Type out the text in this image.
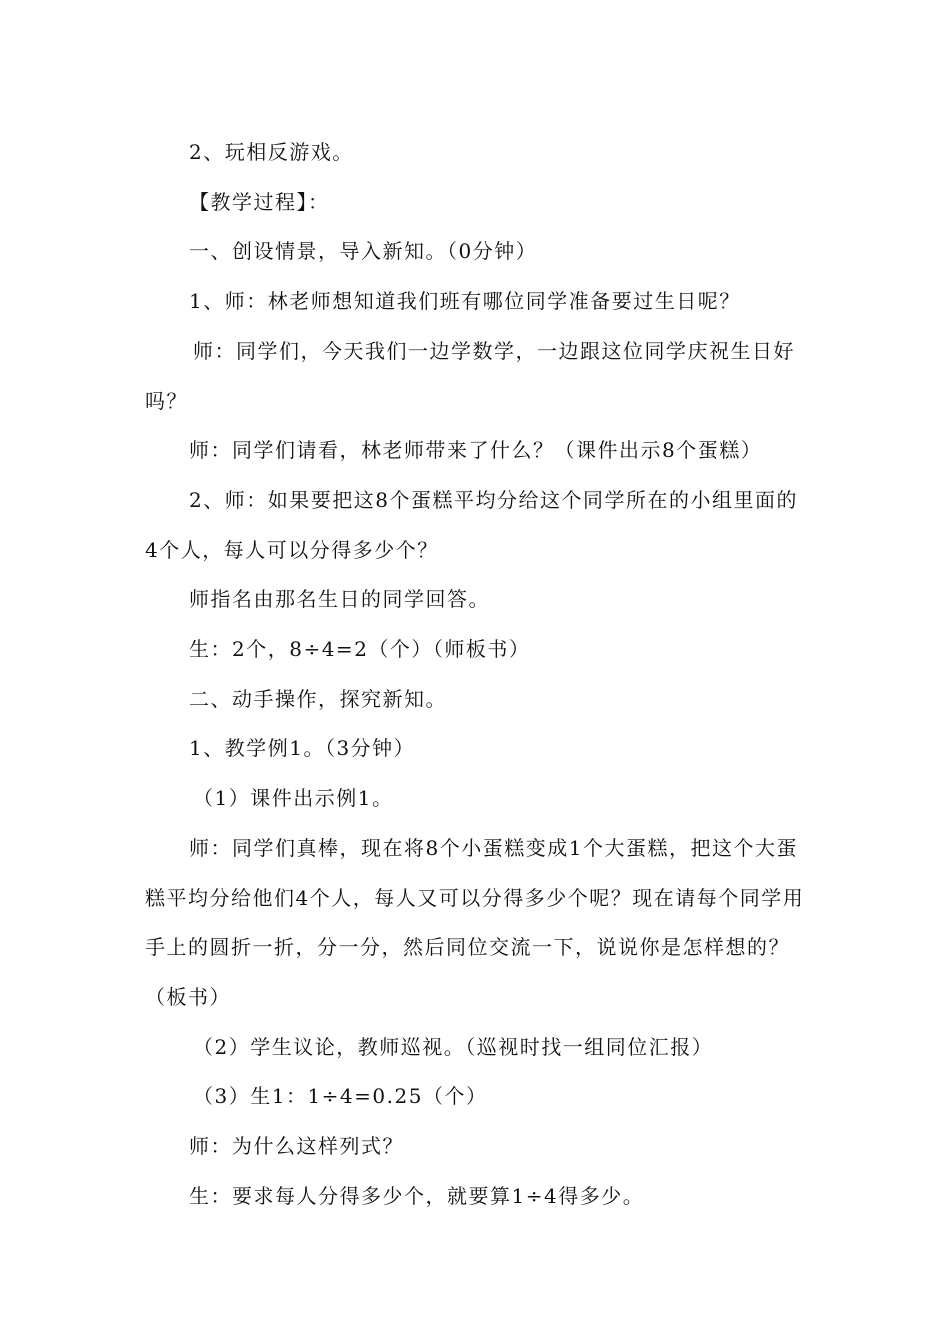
2、玩相反游戏。

【教学过程】：

一、创设情景，导入新知。（0分钟）

1、师：林老师想知道我们班有哪位同学准备要过生日呢？

师：同学们，今天我们一边学数学，一边跟这位同学庆祝生日好吗？

师：同学们请看，林老师带来了什么？（课件出示8个蛋糕）

2、师：如果要把这8个蛋糕平均分给这个同学所在的小组里面的4个人，每人可以分得多少个？

师指名由那名生日的同学回答。

生：2个，8÷4=2（个）（师板书）

二、动手操作，探究新知。

1、教学例1。（3分钟）

（1）课件出示例1。

师：同学们真棒，现在将8个小蛋糕变成1个大蛋糕，把这个大蛋糕平均分给他们4个人，每人又可以分得多少个呢？现在请每个同学用手上的圆折一折，分一分，然后同位交流一下，说说你是怎样想的？（板书）

（2）学生议论，教师巡视。（巡视时找一组同位汇报）

（3）生1：1÷4=0.25（个）

师：为什么这样列式？

生：要求每人分得多少个，就要算1÷4得多少。
